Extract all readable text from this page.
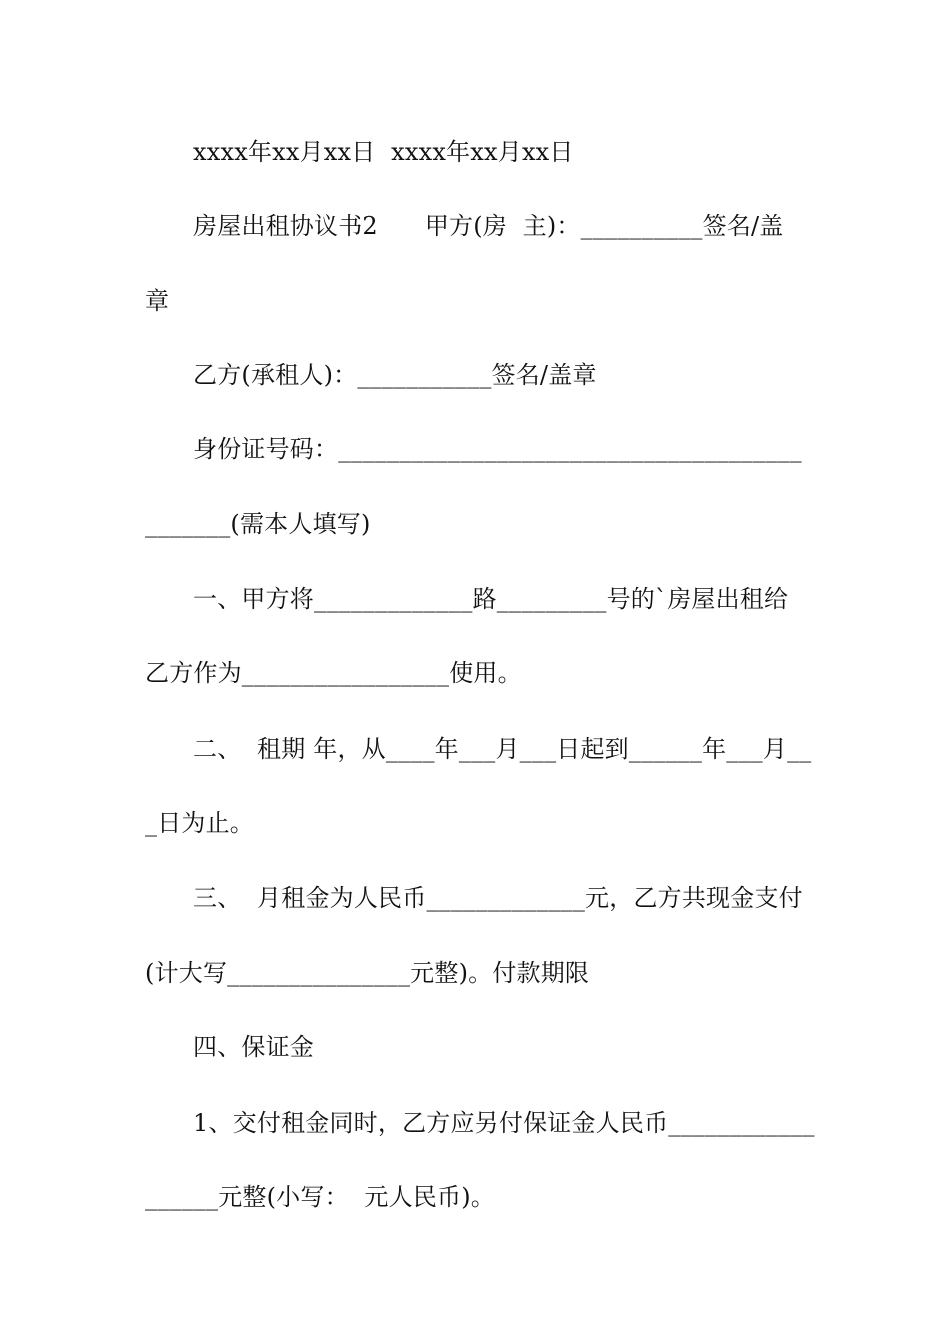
xxxx年xx月xx日  xxxx年xx月xx日
房屋出租协议书2      甲方(房  主)：__________签名/盖
章
乙方(承租人)：___________签名/盖章
身份证号码：______________________________________
_______(需本人填写)
一、甲方将_____________路_________号的`房屋出租给
乙方作为_________________使用。
二、  租期 年，从____年___月___日起到______年___月__
_日为止。
三、  月租金为人民币_____________元，乙方共现金支付
(计大写_______________元整)。付款期限
四、保证金
1、交付租金同时，乙方应另付保证金人民币____________
______元整(小写：  元人民币)。
